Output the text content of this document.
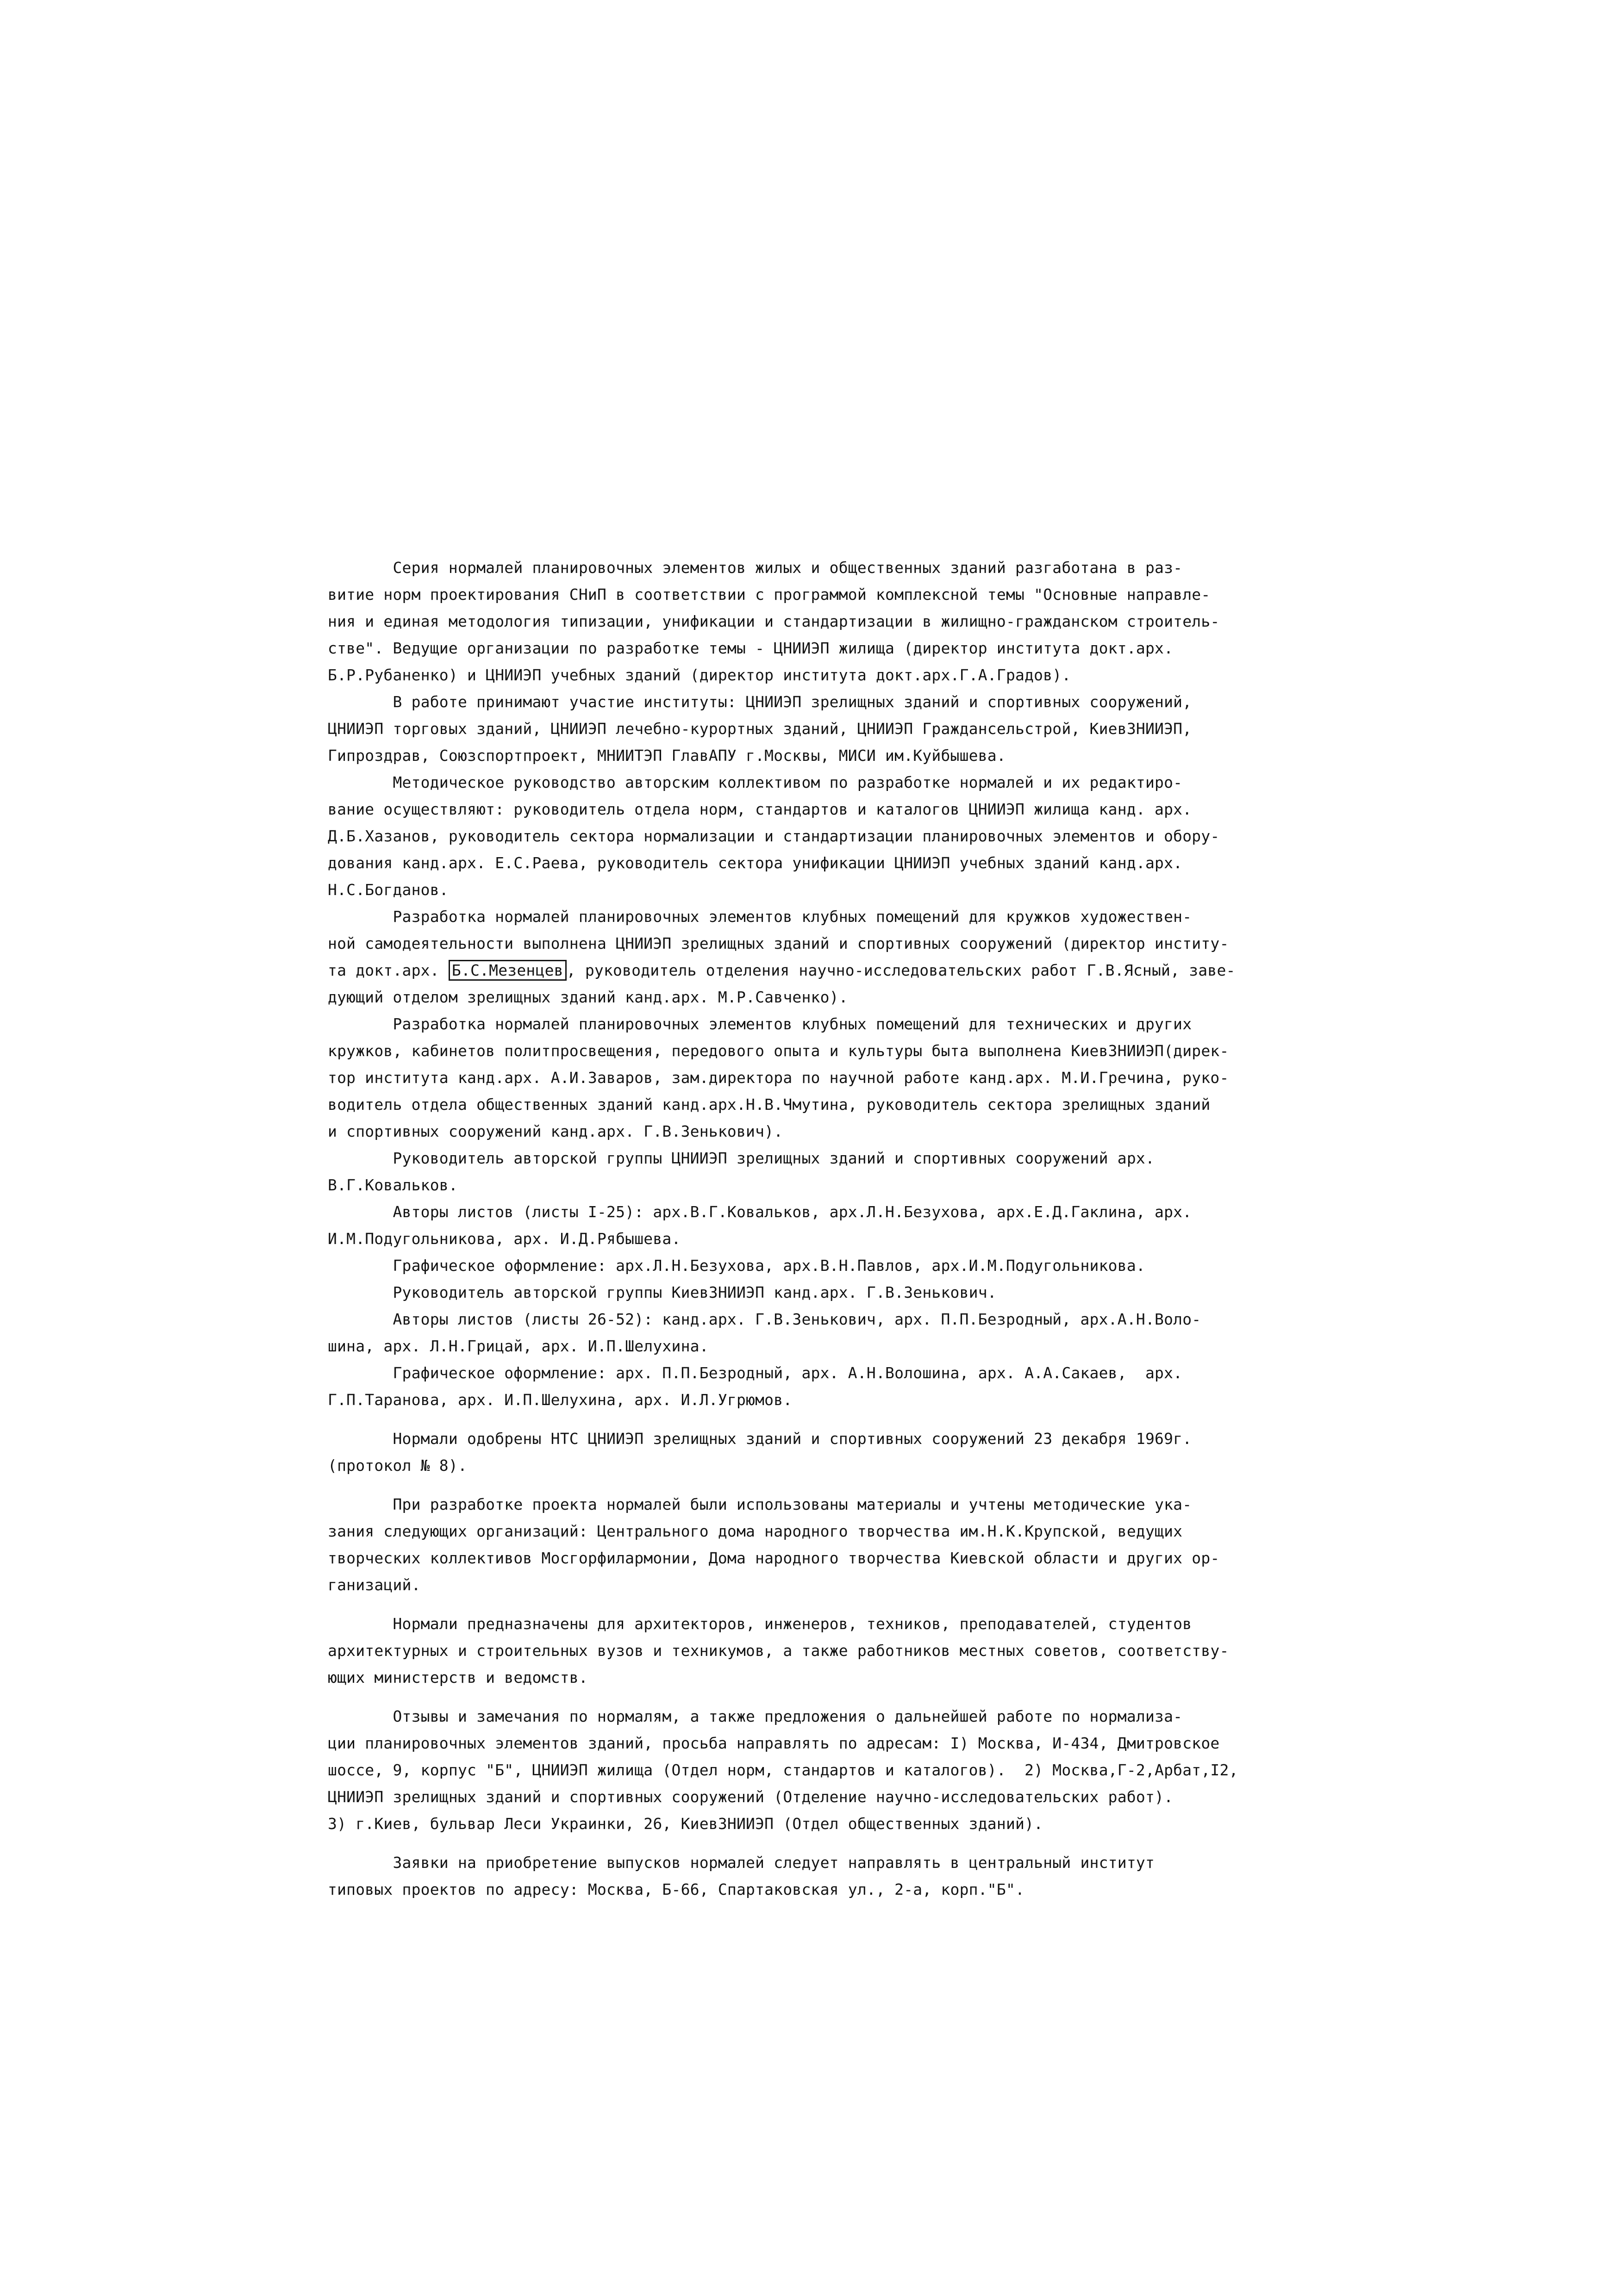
Серия нормалей планировочных элементов жилых и общественных зданий разгаботана в раз-
витие норм проектирования СНиП в соответствии с программой комплексной темы "Основные направле-
ния и единая методология типизации, унификации и стандартизации в жилищно-гражданском строитель-
стве". Ведущие организации по разработке темы - ЦНИИЭП жилища (директор института докт.арх.
Б.Р.Рубаненко) и ЦНИИЭП учебных зданий (директор института докт.арх.Г.А.Градов).
В работе принимают участие институты: ЦНИИЭП зрелищных зданий и спортивных сооружений,
ЦНИИЭП торговых зданий, ЦНИИЭП лечебно-курортных зданий, ЦНИИЭП Граждансельстрой, КиевЗНИИЭП,
Гипроздрав, Союзспортпроект, МНИИТЭП ГлавАПУ г.Москвы, МИСИ им.Куйбышева.
Методическое руководство авторским коллективом по разработке нормалей и их редактиро-
вание осуществляют: руководитель отдела норм, стандартов и каталогов ЦНИИЭП жилища канд. арх.
Д.Б.Хазанов, руководитель сектора нормализации и стандартизации планировочных элементов и обору-
дования канд.арх. Е.С.Раева, руководитель сектора унификации ЦНИИЭП учебных зданий канд.арх.
Н.С.Богданов.
Разработка нормалей планировочных элементов клубных помещений для кружков художествен-
ной самодеятельности выполнена ЦНИИЭП зрелищных зданий и спортивных сооружений (директор институ-
та докт.арх. Б.С.Мезенцев , руководитель отделения научно-исследовательских работ Г.В.Ясный, заве-
дующий отделом зрелищных зданий канд.арх. М.Р.Савченко).
Разработка нормалей планировочных элементов клубных помещений для технических и других
кружков, кабинетов политпросвещения, передового опыта и культуры быта выполнена КиевЗНИИЭП(дирек-
тор института канд.арх. А.И.Заваров, зам.директора по научной работе канд.арх. М.И.Гречина, руко-
водитель отдела общественных зданий канд.арх.Н.В.Чмутина, руководитель сектора зрелищных зданий
и спортивных сооружений канд.арх. Г.В.Зенькович).
Руководитель авторской группы ЦНИИЭП зрелищных зданий и спортивных сооружений арх.
В.Г.Ковальков.
Авторы листов (листы I-25): арх.В.Г.Ковальков, арх.Л.Н.Безухова, арх.Е.Д.Гаклина, арх.
И.М.Подугольникова, арх. И.Д.Рябышева.
Графическое оформление: арх.Л.Н.Безухова, арх.В.Н.Павлов, арх.И.М.Подугольникова.
Руководитель авторской группы КиевЗНИИЭП канд.арх. Г.В.Зенькович.
Авторы листов (листы 26-52): канд.арх. Г.В.Зенькович, арх. П.П.Безродный, арх.А.Н.Воло-
шина, арх. Л.Н.Грицай, арх. И.П.Шелухина.
Графическое оформление: арх. П.П.Безродный, арх. А.Н.Волошина, арх. А.А.Сакаев,  арх.
Г.П.Таранова, арх. И.П.Шелухина, арх. И.Л.Угрюмов.
Нормали одобрены НТС ЦНИИЭП зрелищных зданий и спортивных сооружений 23 декабря 1969г.
(протокол № 8).
При разработке проекта нормалей были использованы материалы и учтены методические ука-
зания следующих организаций: Центрального дома народного творчества им.Н.К.Крупской, ведущих
творческих коллективов Мосгорфилармонии, Дома народного творчества Киевской области и других ор-
ганизаций.
Нормали предназначены для архитекторов, инженеров, техников, преподавателей, студентов
архитектурных и строительных вузов и техникумов, а также работников местных советов, соответству-
ющих министерств и ведомств.
Отзывы и замечания по нормалям, а также предложения о дальнейшей работе по нормализа-
ции планировочных элементов зданий, просьба направлять по адресам: I) Москва, И-434, Дмитровское
шоссе, 9, корпус "Б", ЦНИИЭП жилища (Отдел норм, стандартов и каталогов).  2) Москва,Г-2,Арбат,I2,
ЦНИИЭП зрелищных зданий и спортивных сооружений (Отделение научно-исследовательских работ).
3) г.Киев, бульвар Леси Украинки, 26, КиевЗНИИЭП (Отдел общественных зданий).
Заявки на приобретение выпусков нормалей следует направлять в центральный институт
типовых проектов по адресу: Москва, Б-66, Спартаковская ул., 2-а, корп."Б".
